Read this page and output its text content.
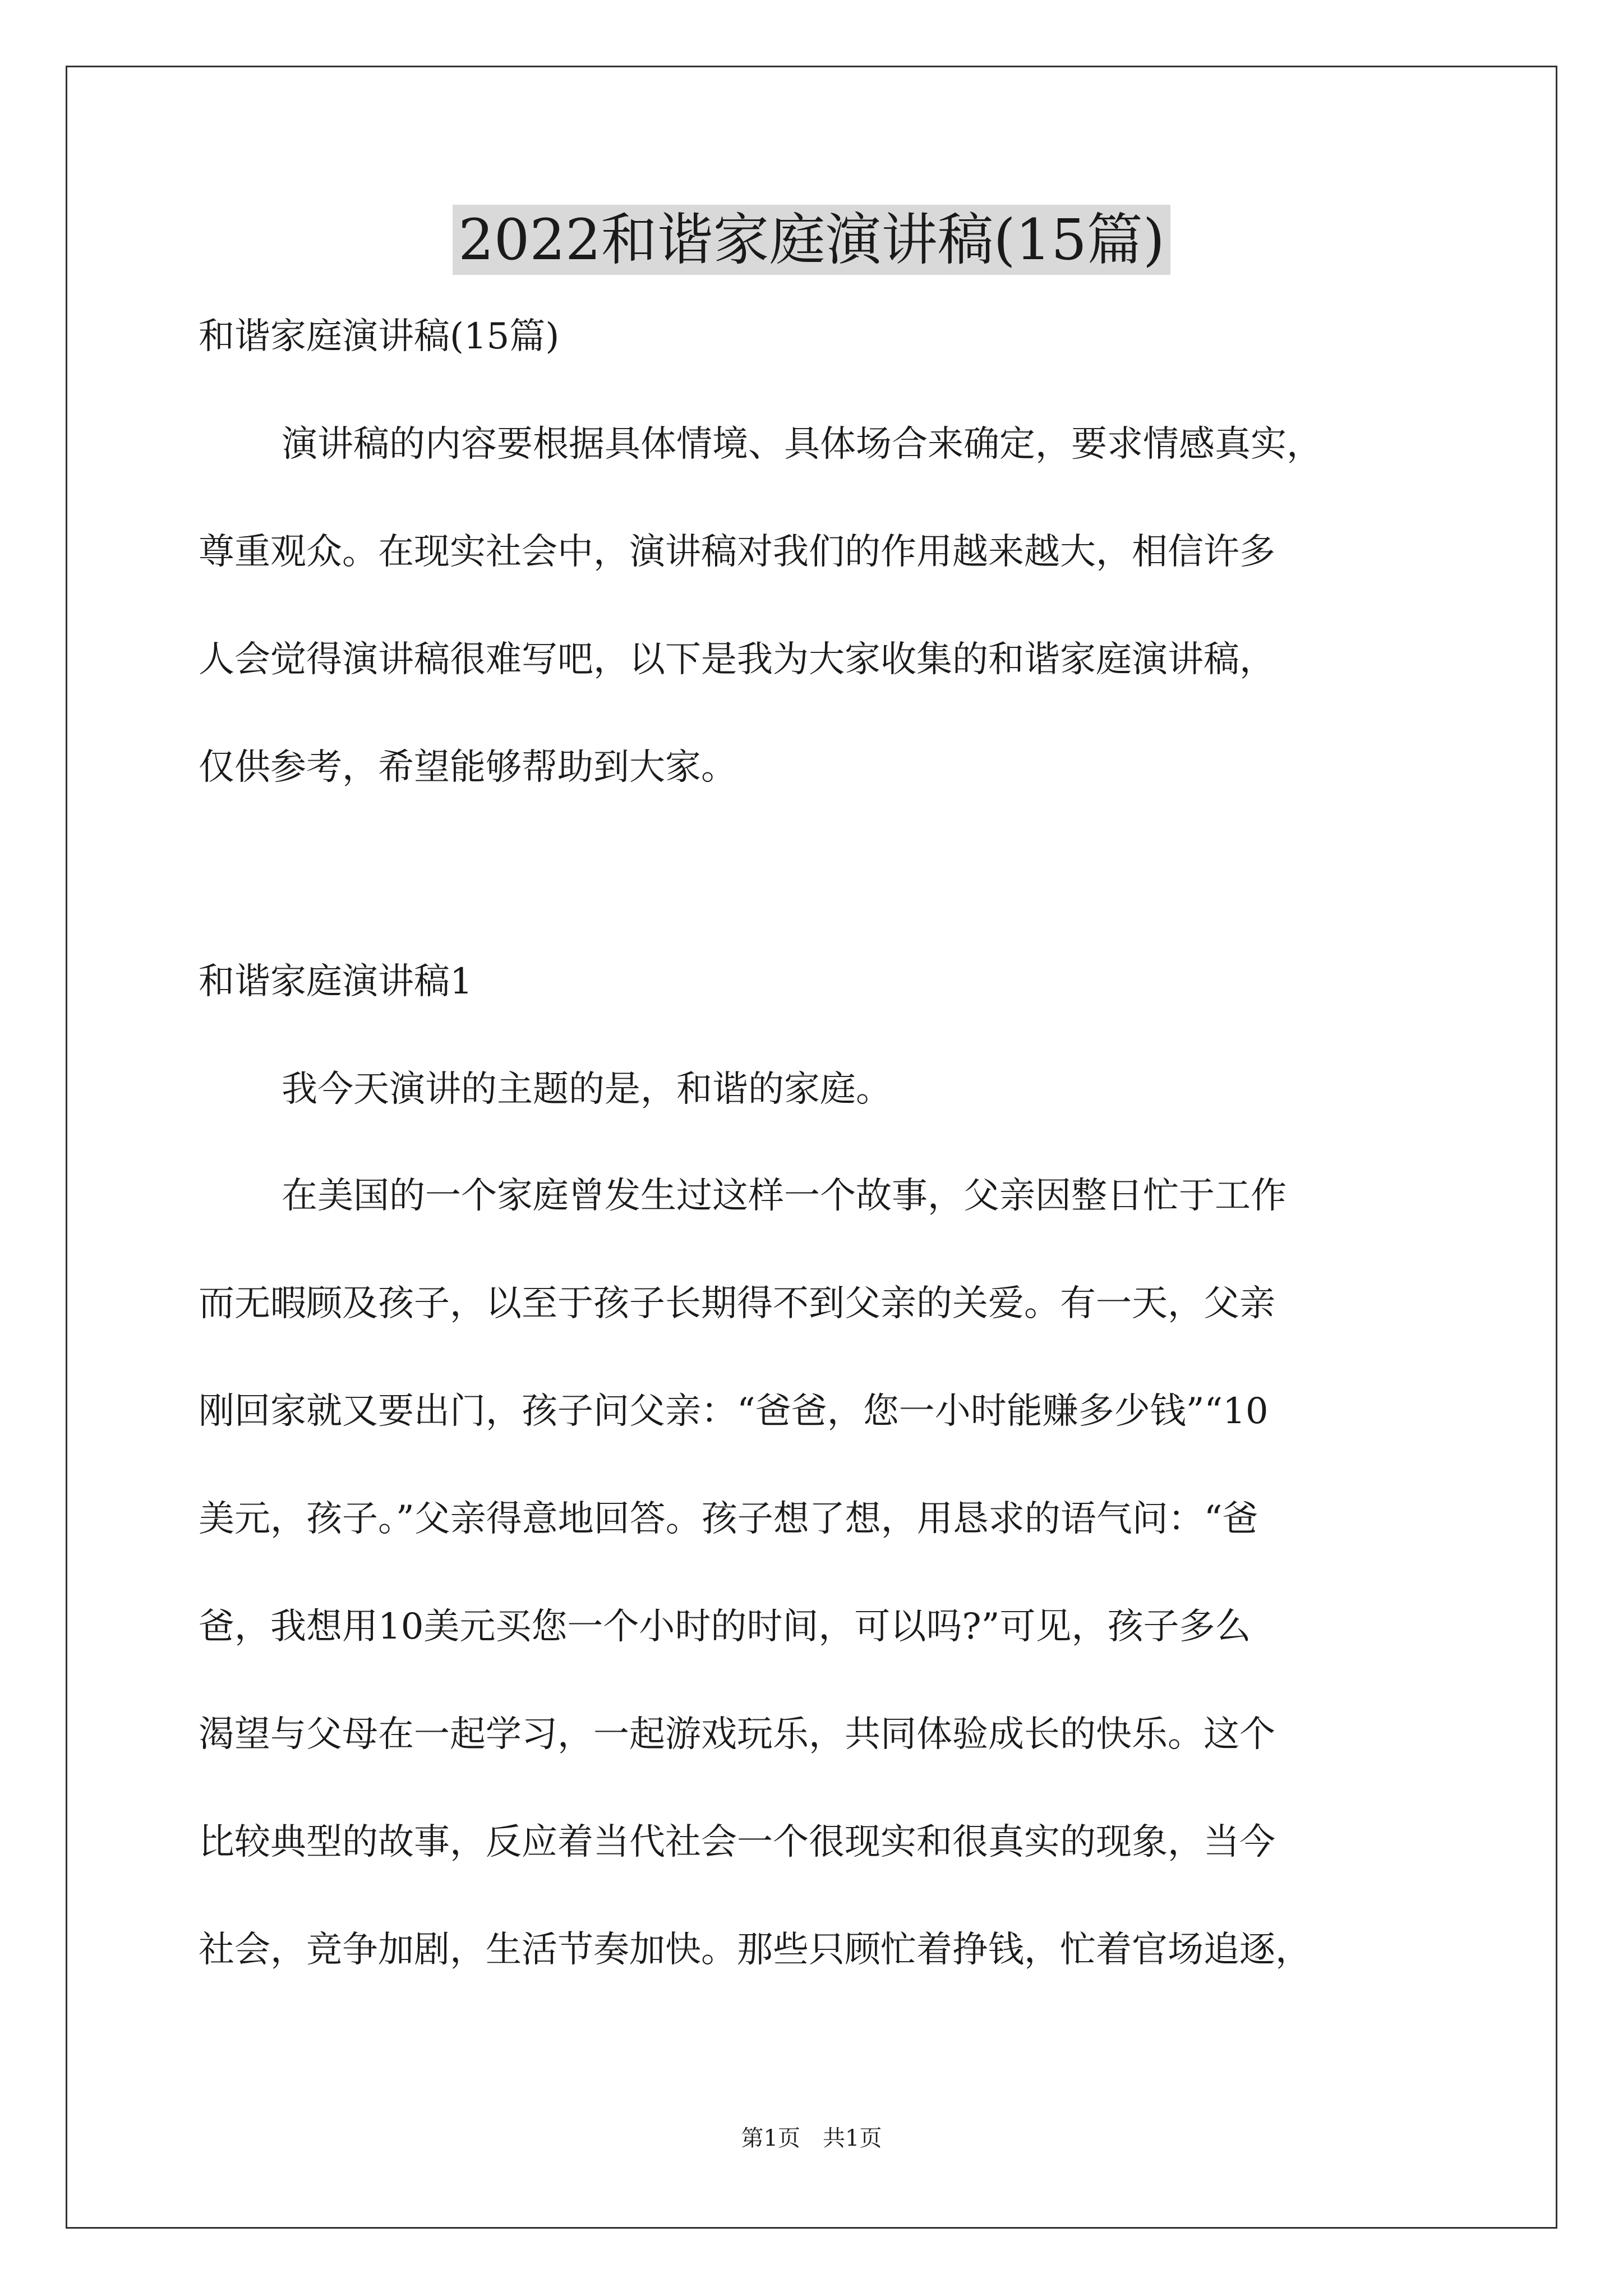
2022和谐家庭演讲稿(15篇)
和谐家庭演讲稿(15篇)
演讲稿的内容要根据具体情境、具体场合来确定，要求情感真实，
尊重观众。在现实社会中，演讲稿对我们的作用越来越大，相信许多
人会觉得演讲稿很难写吧，以下是我为大家收集的和谐家庭演讲稿，
仅供参考，希望能够帮助到大家。
和谐家庭演讲稿1
我今天演讲的主题的是，和谐的家庭。
在美国的一个家庭曾发生过这样一个故事，父亲因整日忙于工作
而无暇顾及孩子，以至于孩子长期得不到父亲的关爱。有一天，父亲
刚回家就又要出门，孩子问父亲：“爸爸，您一小时能赚多少钱”“10
美元，孩子。”父亲得意地回答。孩子想了想，用恳求的语气问：“爸
爸，我想用10美元买您一个小时的时间，可以吗?”可见，孩子多么
渴望与父母在一起学习，一起游戏玩乐，共同体验成长的快乐。这个
比较典型的故事，反应着当代社会一个很现实和很真实的现象，当今
社会，竞争加剧，生活节奏加快。那些只顾忙着挣钱，忙着官场追逐，
第1页　共1页
